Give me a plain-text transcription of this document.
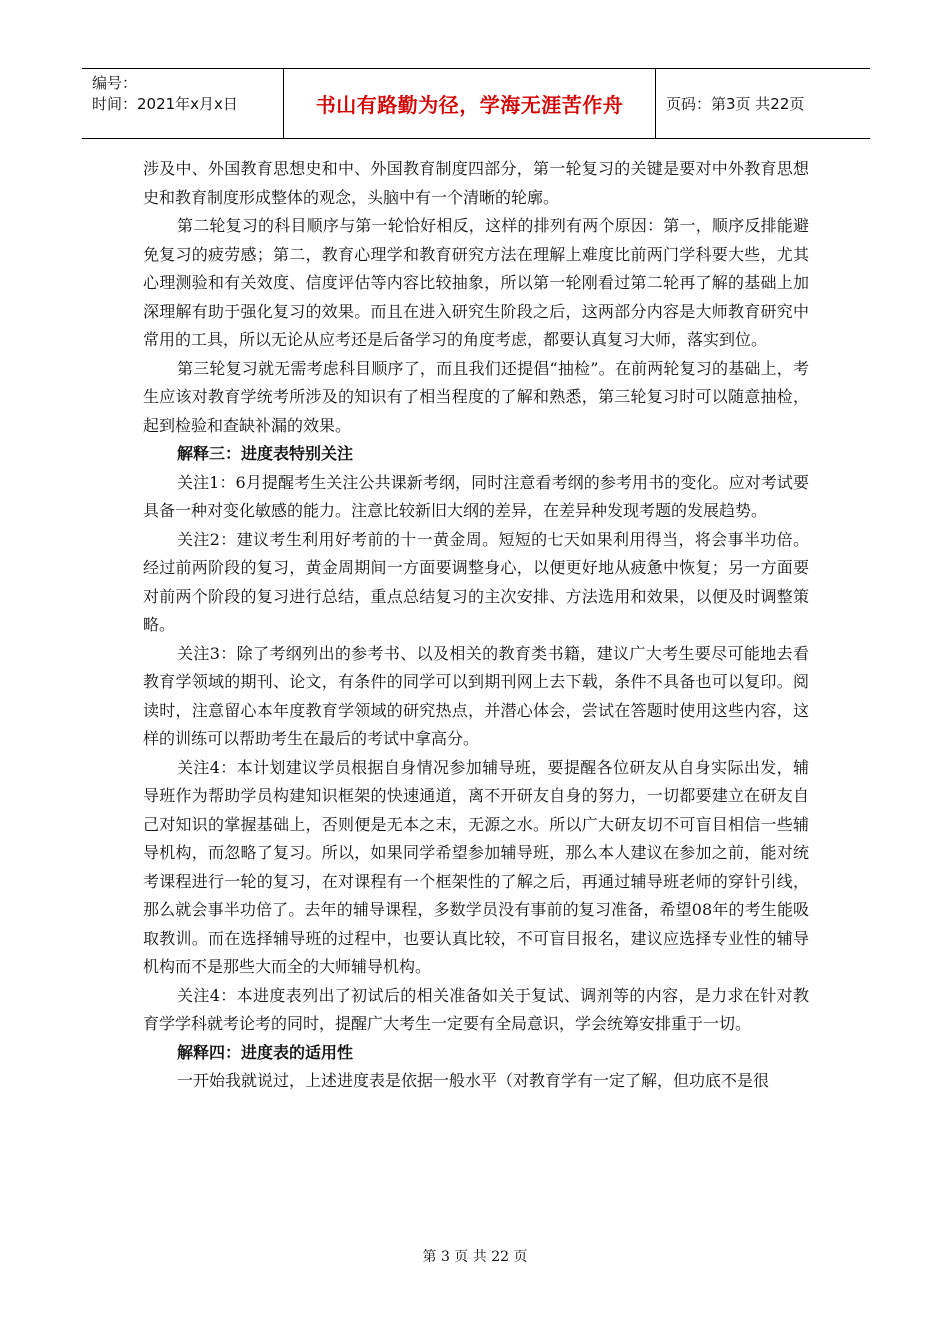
编号：
时间：2021年x月x日	书山有路勤为径，学海无涯苦作舟	页码：第3页 共22页

涉及中、外国教育思想史和中、外国教育制度四部分，第一轮复习的关键是要对中外教育思想史和教育制度形成整体的观念，头脑中有一个清晰的轮廓。

第二轮复习的科目顺序与第一轮恰好相反，这样的排列有两个原因：第一，顺序反排能避免复习的疲劳感；第二，教育心理学和教育研究方法在理解上难度比前两门学科要大些，尤其心理测验和有关效度、信度评估等内容比较抽象，所以第一轮刚看过第二轮再了解的基础上加深理解有助于强化复习的效果。而且在进入研究生阶段之后，这两部分内容是大师教育研究中常用的工具，所以无论从应考还是后备学习的角度考虑，都要认真复习大师，落实到位。

第三轮复习就无需考虑科目顺序了，而且我们还提倡“抽检”。在前两轮复习的基础上，考生应该对教育学统考所涉及的知识有了相当程度的了解和熟悉，第三轮复习时可以随意抽检，起到检验和查缺补漏的效果。

解释三：进度表特别关注

关注1：6月提醒考生关注公共课新考纲，同时注意看考纲的参考用书的变化。应对考试要具备一种对变化敏感的能力。注意比较新旧大纲的差异，在差异种发现考题的发展趋势。

关注2：建议考生利用好考前的十一黄金周。短短的七天如果利用得当，将会事半功倍。经过前两阶段的复习，黄金周期间一方面要调整身心，以便更好地从疲惫中恢复；另一方面要对前两个阶段的复习进行总结，重点总结复习的主次安排、方法选用和效果，以便及时调整策略。

关注3：除了考纲列出的参考书、以及相关的教育类书籍，建议广大考生要尽可能地去看教育学领域的期刊、论文，有条件的同学可以到期刊网上去下载，条件不具备也可以复印。阅读时，注意留心本年度教育学领域的研究热点，并潜心体会，尝试在答题时使用这些内容，这样的训练可以帮助考生在最后的考试中拿高分。

关注4：本计划建议学员根据自身情况参加辅导班，要提醒各位研友从自身实际出发，辅导班作为帮助学员构建知识框架的快速通道，离不开研友自身的努力，一切都要建立在研友自己对知识的掌握基础上，否则便是无本之末，无源之水。所以广大研友切不可盲目相信一些辅导机构，而忽略了复习。所以，如果同学希望参加辅导班，那么本人建议在参加之前，能对统考课程进行一轮的复习，在对课程有一个框架性的了解之后，再通过辅导班老师的穿针引线，那么就会事半功倍了。去年的辅导课程，多数学员没有事前的复习准备，希望08年的考生能吸取教训。而在选择辅导班的过程中，也要认真比较，不可盲目报名，建议应选择专业性的辅导机构而不是那些大而全的大师辅导机构。

关注4：本进度表列出了初试后的相关准备如关于复试、调剂等的内容，是力求在针对教育学学科就考论考的同时，提醒广大考生一定要有全局意识，学会统筹安排重于一切。

解释四：进度表的适用性

一开始我就说过，上述进度表是依据一般水平（对教育学有一定了解，但功底不是很

第 3 页 共 22 页
